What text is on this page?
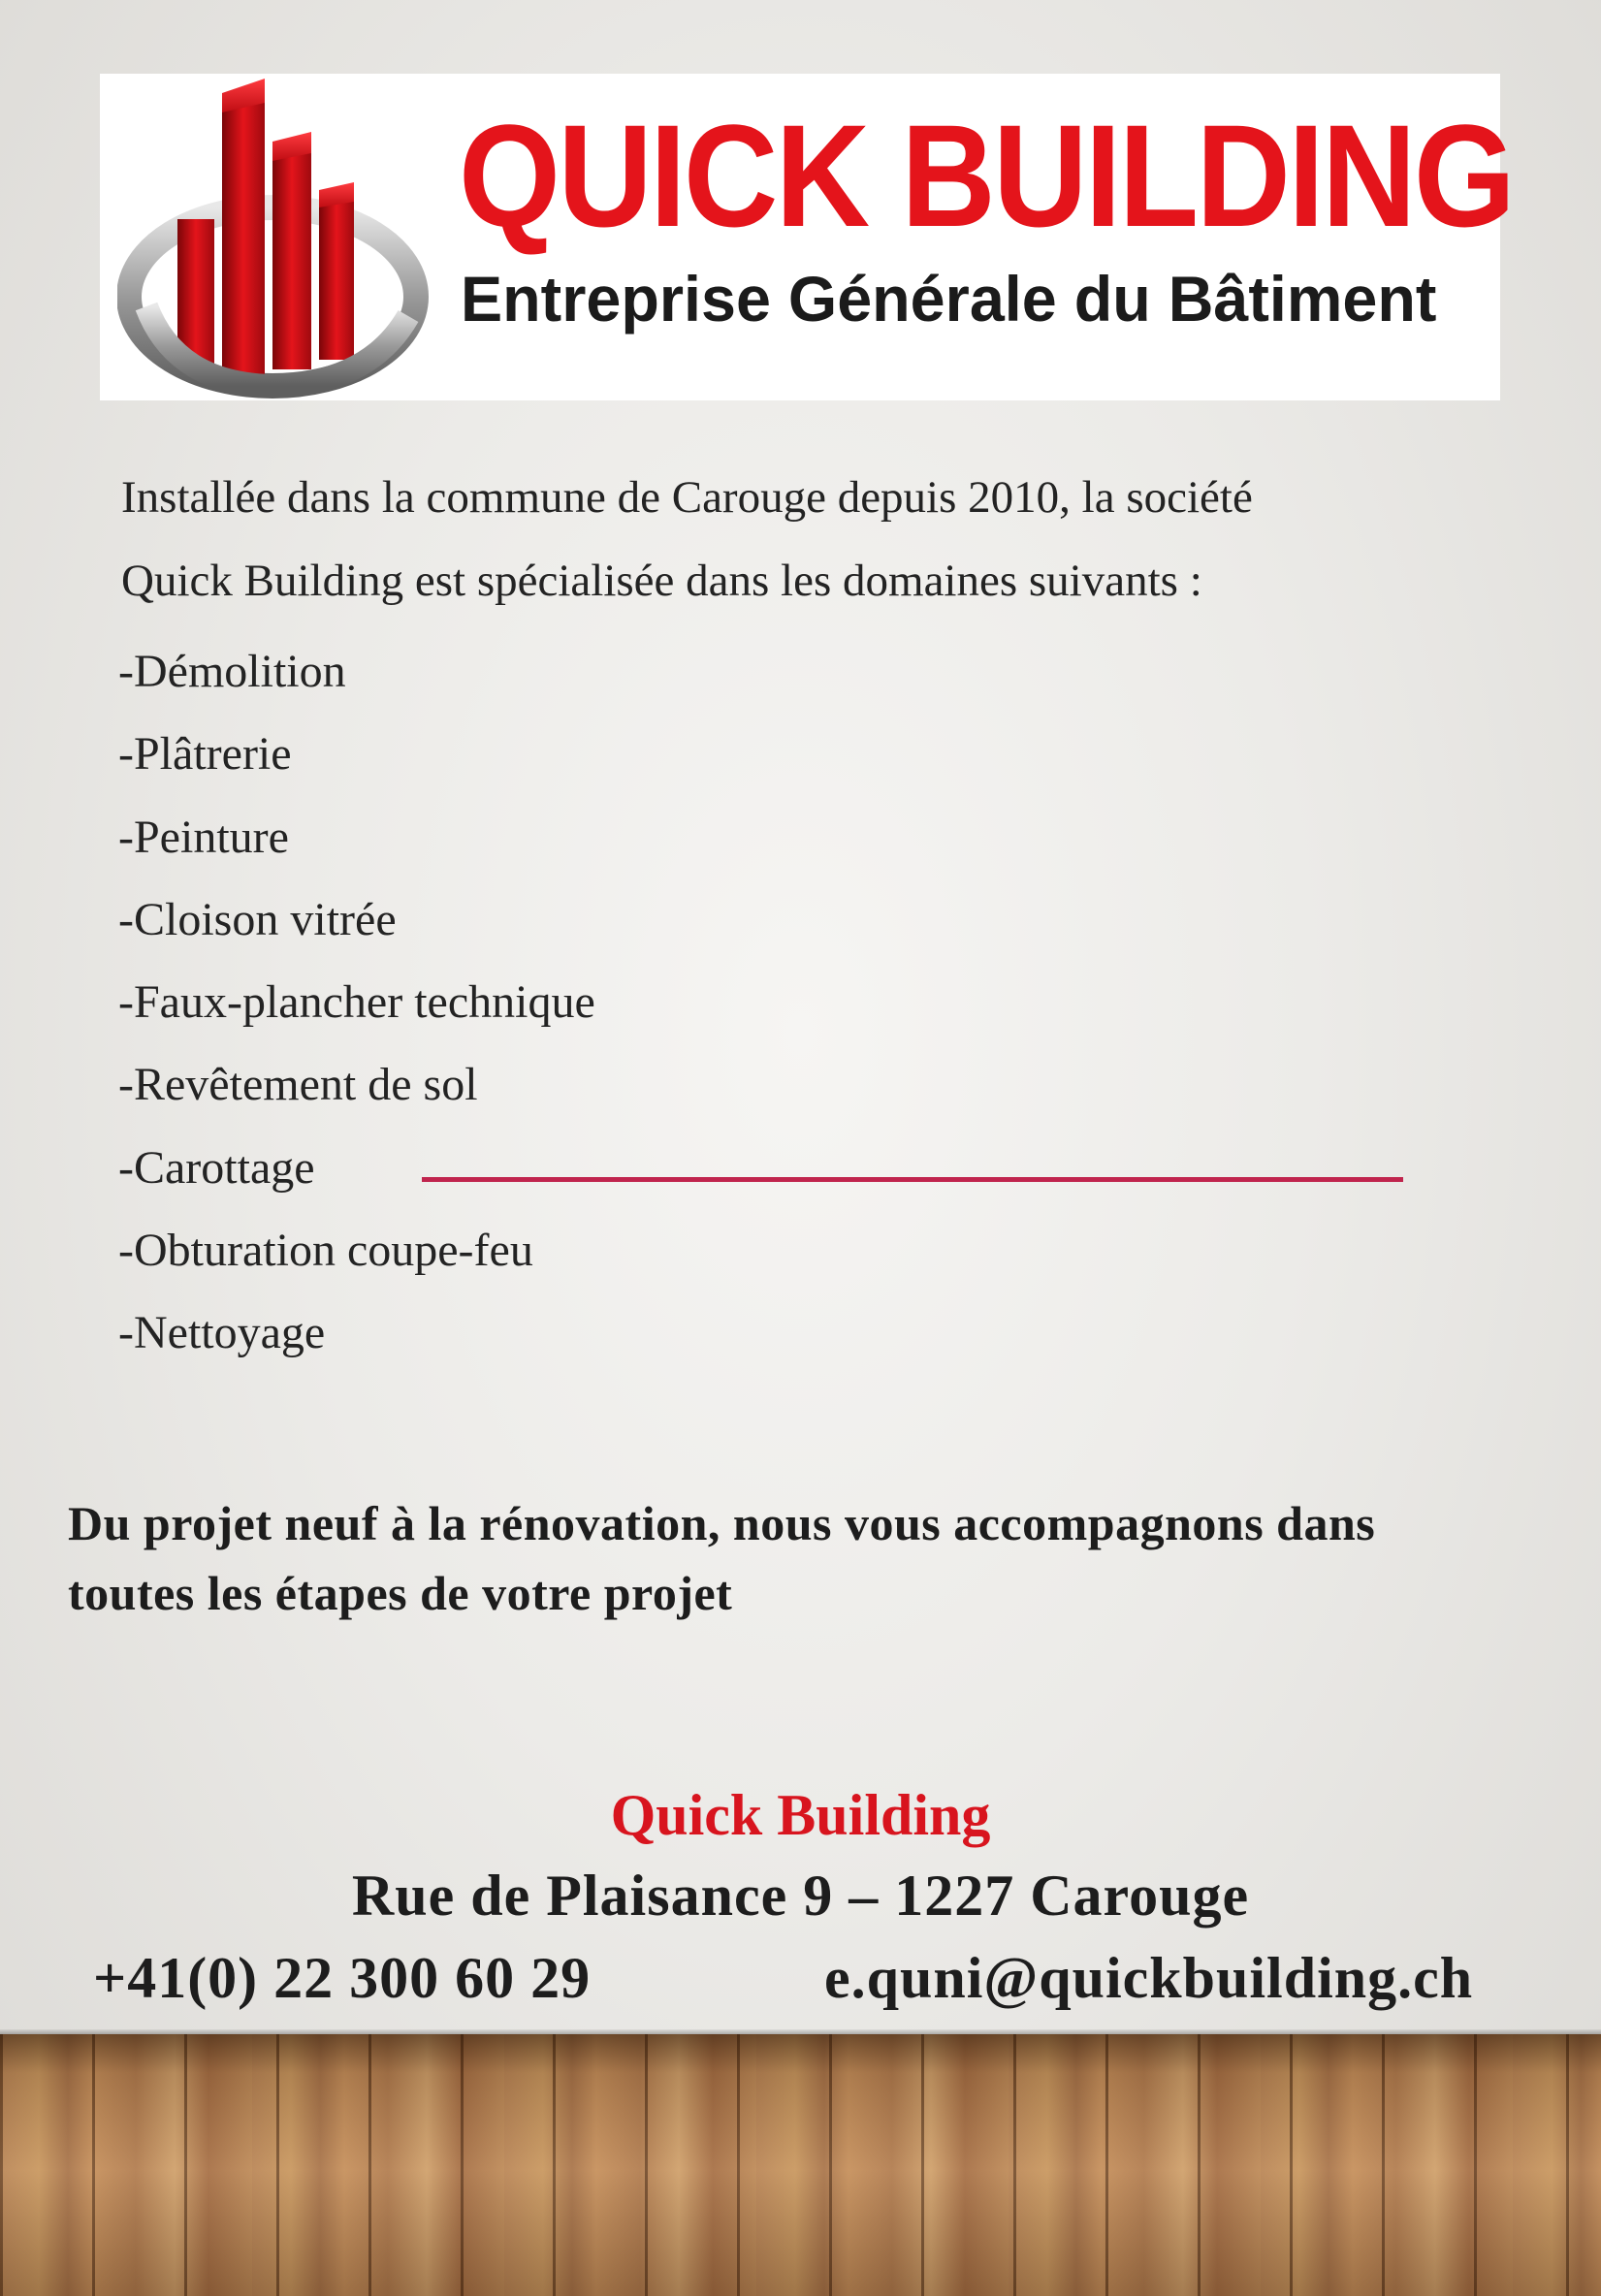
QUICK BUILDING
Entreprise Générale du Bâtiment
Installée dans la commune de Carouge depuis 2010, la société
Quick Building est spécialisée dans les domaines suivants :
-Démolition
-Plâtrerie
-Peinture
-Cloison vitrée
-Faux-plancher technique
-Revêtement de sol
-Carottage
-Obturation coupe-feu
-Nettoyage
Du projet neuf à la rénovation, nous vous accompagnons dans
toutes les étapes de votre projet
Quick Building
Rue de Plaisance 9 – 1227 Carouge
+41(0) 22 300 60 29	e.quni@quickbuilding.ch
